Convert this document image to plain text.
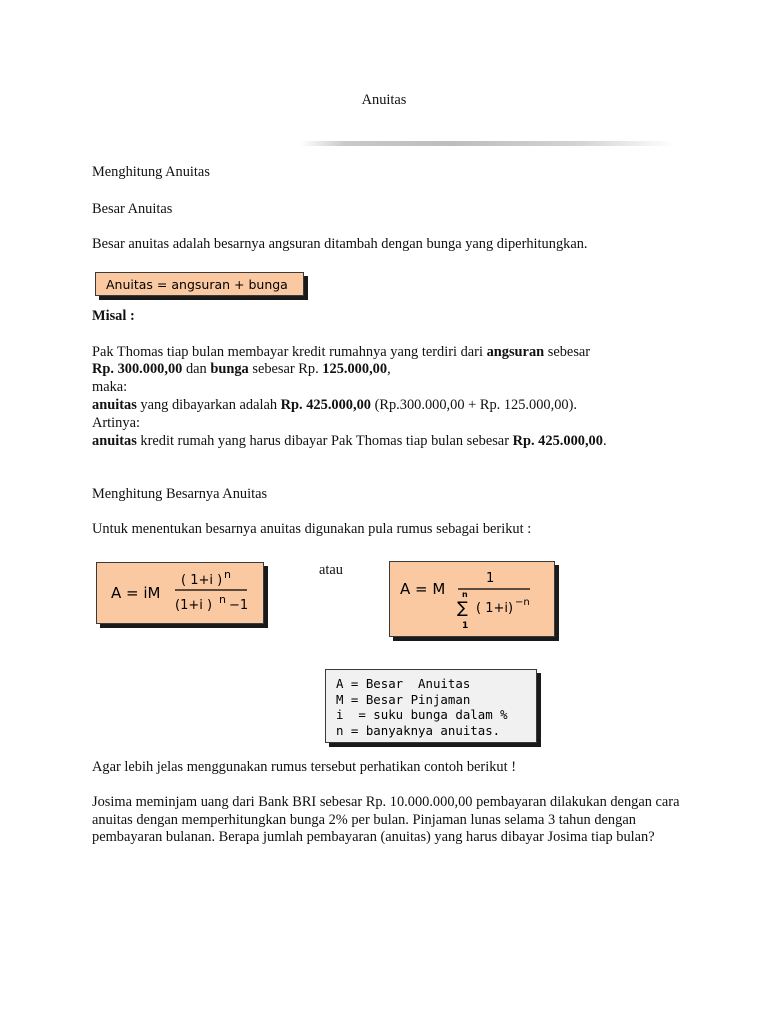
Anuitas
Menghitung Anuitas
Besar Anuitas
Besar anuitas adalah besarnya angsuran ditambah dengan bunga yang diperhitungkan.
Anuitas = angsuran + bunga
Misal :
Pak Thomas tiap bulan membayar kredit rumahnya yang terdiri dari angsuran sebesar
Rp. 300.000,00 dan bunga sebesar Rp. 125.000,00,
maka:
anuitas yang dibayarkan adalah Rp. 425.000,00 (Rp.300.000,00 + Rp. 125.000,00).
Artinya:
anuitas kredit rumah yang harus dibayar Pak Thomas tiap bulan sebesar Rp. 425.000,00.
Menghitung Besarnya Anuitas
Untuk menentukan besarnya anuitas digunakan pula rumus sebagai berikut :
A = iM
( 1+i ) n
(1+i ) n −1
atau
A = M
1
n
∑
1
( 1+i) −n
A = Besar  Anuitas
M = Besar Pinjaman
i  = suku bunga dalam %
n = banyaknya anuitas.
Agar lebih jelas menggunakan rumus tersebut perhatikan contoh berikut !
Josima meminjam uang dari Bank BRI sebesar Rp. 10.000.000,00 pembayaran dilakukan dengan cara anuitas dengan memperhitungkan bunga 2% per bulan. Pinjaman lunas selama 3 tahun dengan pembayaran bulanan. Berapa jumlah pembayaran (anuitas) yang harus dibayar Josima tiap bulan?
